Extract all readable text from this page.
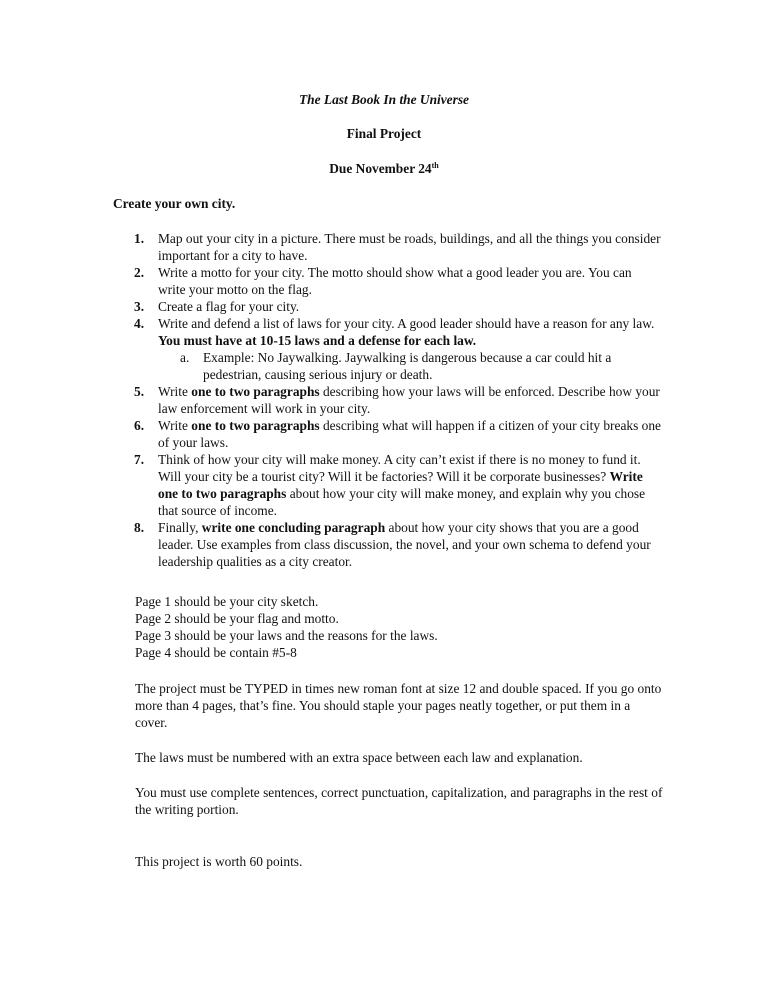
The Last Book In the Universe
Final Project
Due November 24th
Create your own city.
1. Map out your city in a picture. There must be roads, buildings, and all the things you consider important for a city to have.
2. Write a motto for your city. The motto should show what a good leader you are. You can write your motto on the flag.
3. Create a flag for your city.
4. Write and defend a list of laws for your city. A good leader should have a reason for any law. You must have at 10-15 laws and a defense for each law.
a. Example: No Jaywalking. Jaywalking is dangerous because a car could hit a pedestrian, causing serious injury or death.
5. Write one to two paragraphs describing how your laws will be enforced. Describe how your law enforcement will work in your city.
6. Write one to two paragraphs describing what will happen if a citizen of your city breaks one of your laws.
7. Think of how your city will make money. A city can’t exist if there is no money to fund it. Will your city be a tourist city? Will it be factories? Will it be corporate businesses? Write one to two paragraphs about how your city will make money, and explain why you chose that source of income.
8. Finally, write one concluding paragraph about how your city shows that you are a good leader. Use examples from class discussion, the novel, and your own schema to defend your leadership qualities as a city creator.
Page 1 should be your city sketch.
Page 2 should be your flag and motto.
Page 3 should be your laws and the reasons for the laws.
Page 4 should be contain #5-8

The project must be TYPED in times new roman font at size 12 and double spaced. If you go onto more than 4 pages, that’s fine. You should staple your pages neatly together, or put them in a cover.

The laws must be numbered with an extra space between each law and explanation.

You must use complete sentences, correct punctuation, capitalization, and paragraphs in the rest of the writing portion.

This project is worth 60 points.
